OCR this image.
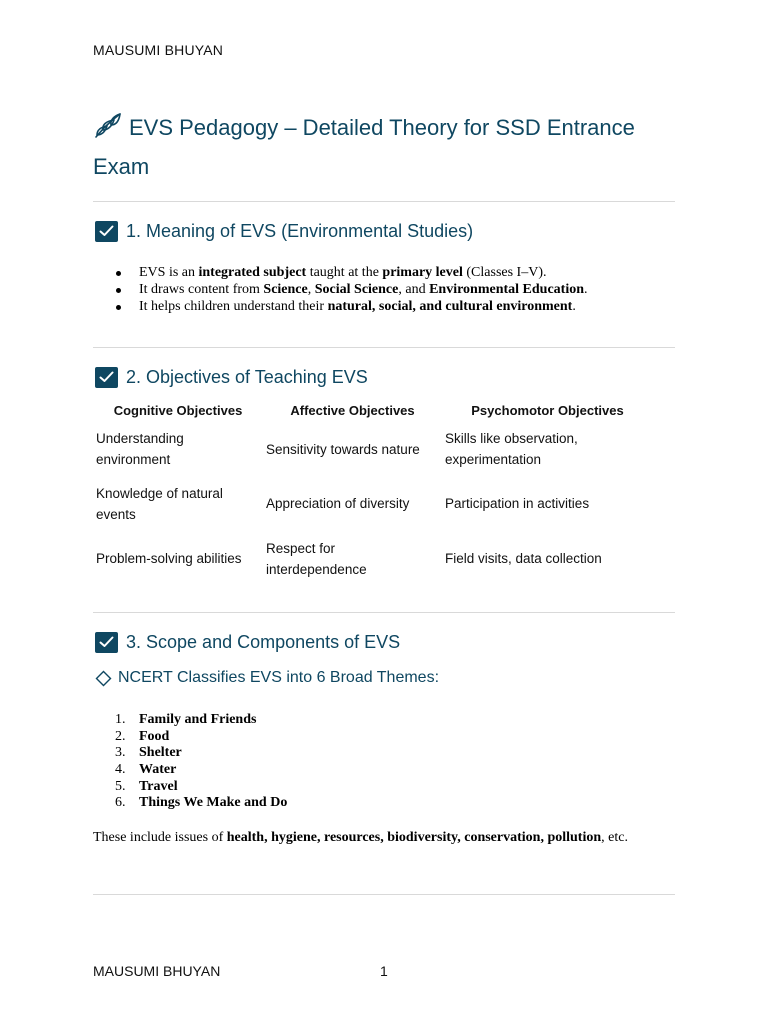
MAUSUMI BHUYAN
EVS Pedagogy – Detailed Theory for SSD Entrance Exam
1. Meaning of EVS (Environmental Studies)
EVS is an integrated subject taught at the primary level (Classes I–V).
It draws content from Science, Social Science, and Environmental Education.
It helps children understand their natural, social, and cultural environment.
2. Objectives of Teaching EVS
Cognitive Objectives	Affective Objectives	Psychomotor Objectives
Understanding environment	Sensitivity towards nature	Skills like observation, experimentation
Knowledge of natural events	Appreciation of diversity	Participation in activities
Problem-solving abilities	Respect for interdependence	Field visits, data collection
3. Scope and Components of EVS
NCERT Classifies EVS into 6 Broad Themes:
1. Family and Friends
2. Food
3. Shelter
4. Water
5. Travel
6. Things We Make and Do
These include issues of health, hygiene, resources, biodiversity, conservation, pollution, etc.
MAUSUMI BHUYAN	1
